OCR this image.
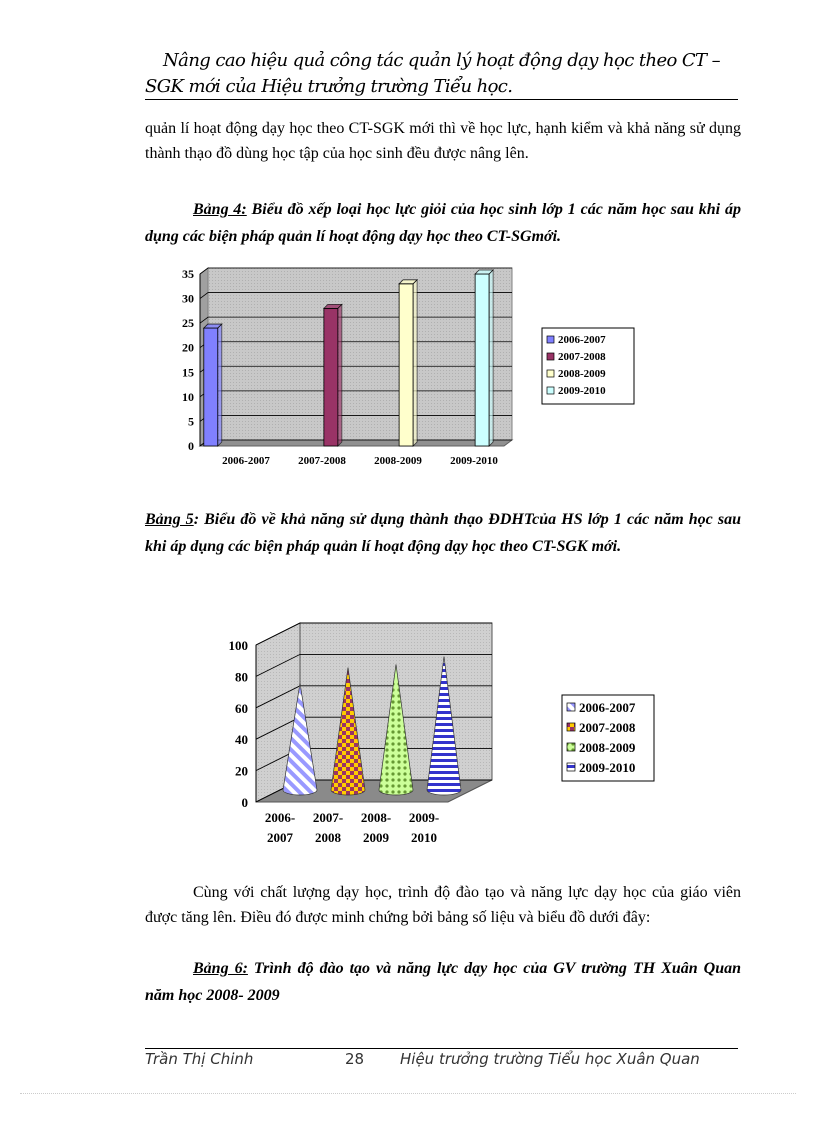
Nâng cao hiệu quả công tác quản lý hoạt động dạy học theo CT –
SGK mới của Hiệu trưởng trường Tiểu học.
quản lí hoạt động dạy học theo CT-SGK mới thì về học lực, hạnh kiểm và khả năng sử dụng thành thạo đồ dùng học tập của học sinh đều được nâng lên.
Bảng 4: Biểu đồ xếp loại học lực giỏi của học sinh lớp 1 các năm học sau khi áp dụng các biện pháp quản lí hoạt động dạy học theo CT-SGmới.
0
5
10
15
20
25
30
35
2006-2007	2007-2008	2008-2009	2009-2010
2006-2007
2007-2008
2008-2009
2009-2010
Bảng 5: Biểu đồ về khả năng sử dụng thành thạo ĐDHTcủa HS lớp 1 các năm học sau khi áp dụng các biện pháp quản lí hoạt động dạy học theo CT-SGK mới.
0
20
40
60
80
100
2006-
2007
2007-
2008
2008-
2009
2009-
2010
2006-2007
2007-2008
2008-2009
2009-2010
Cùng với chất lượng dạy học, trình độ đào tạo và năng lực dạy học của giáo viên được tăng lên. Điều đó được minh chứng bởi bảng số liệu và biểu đồ dưới đây:
Bảng 6: Trình độ đào tạo và năng lực dạy học của GV trường TH Xuân Quan năm học 2008- 2009
Trần Thị Chinh	28 Hiệu trưởng trường Tiểu học Xuân Quan
